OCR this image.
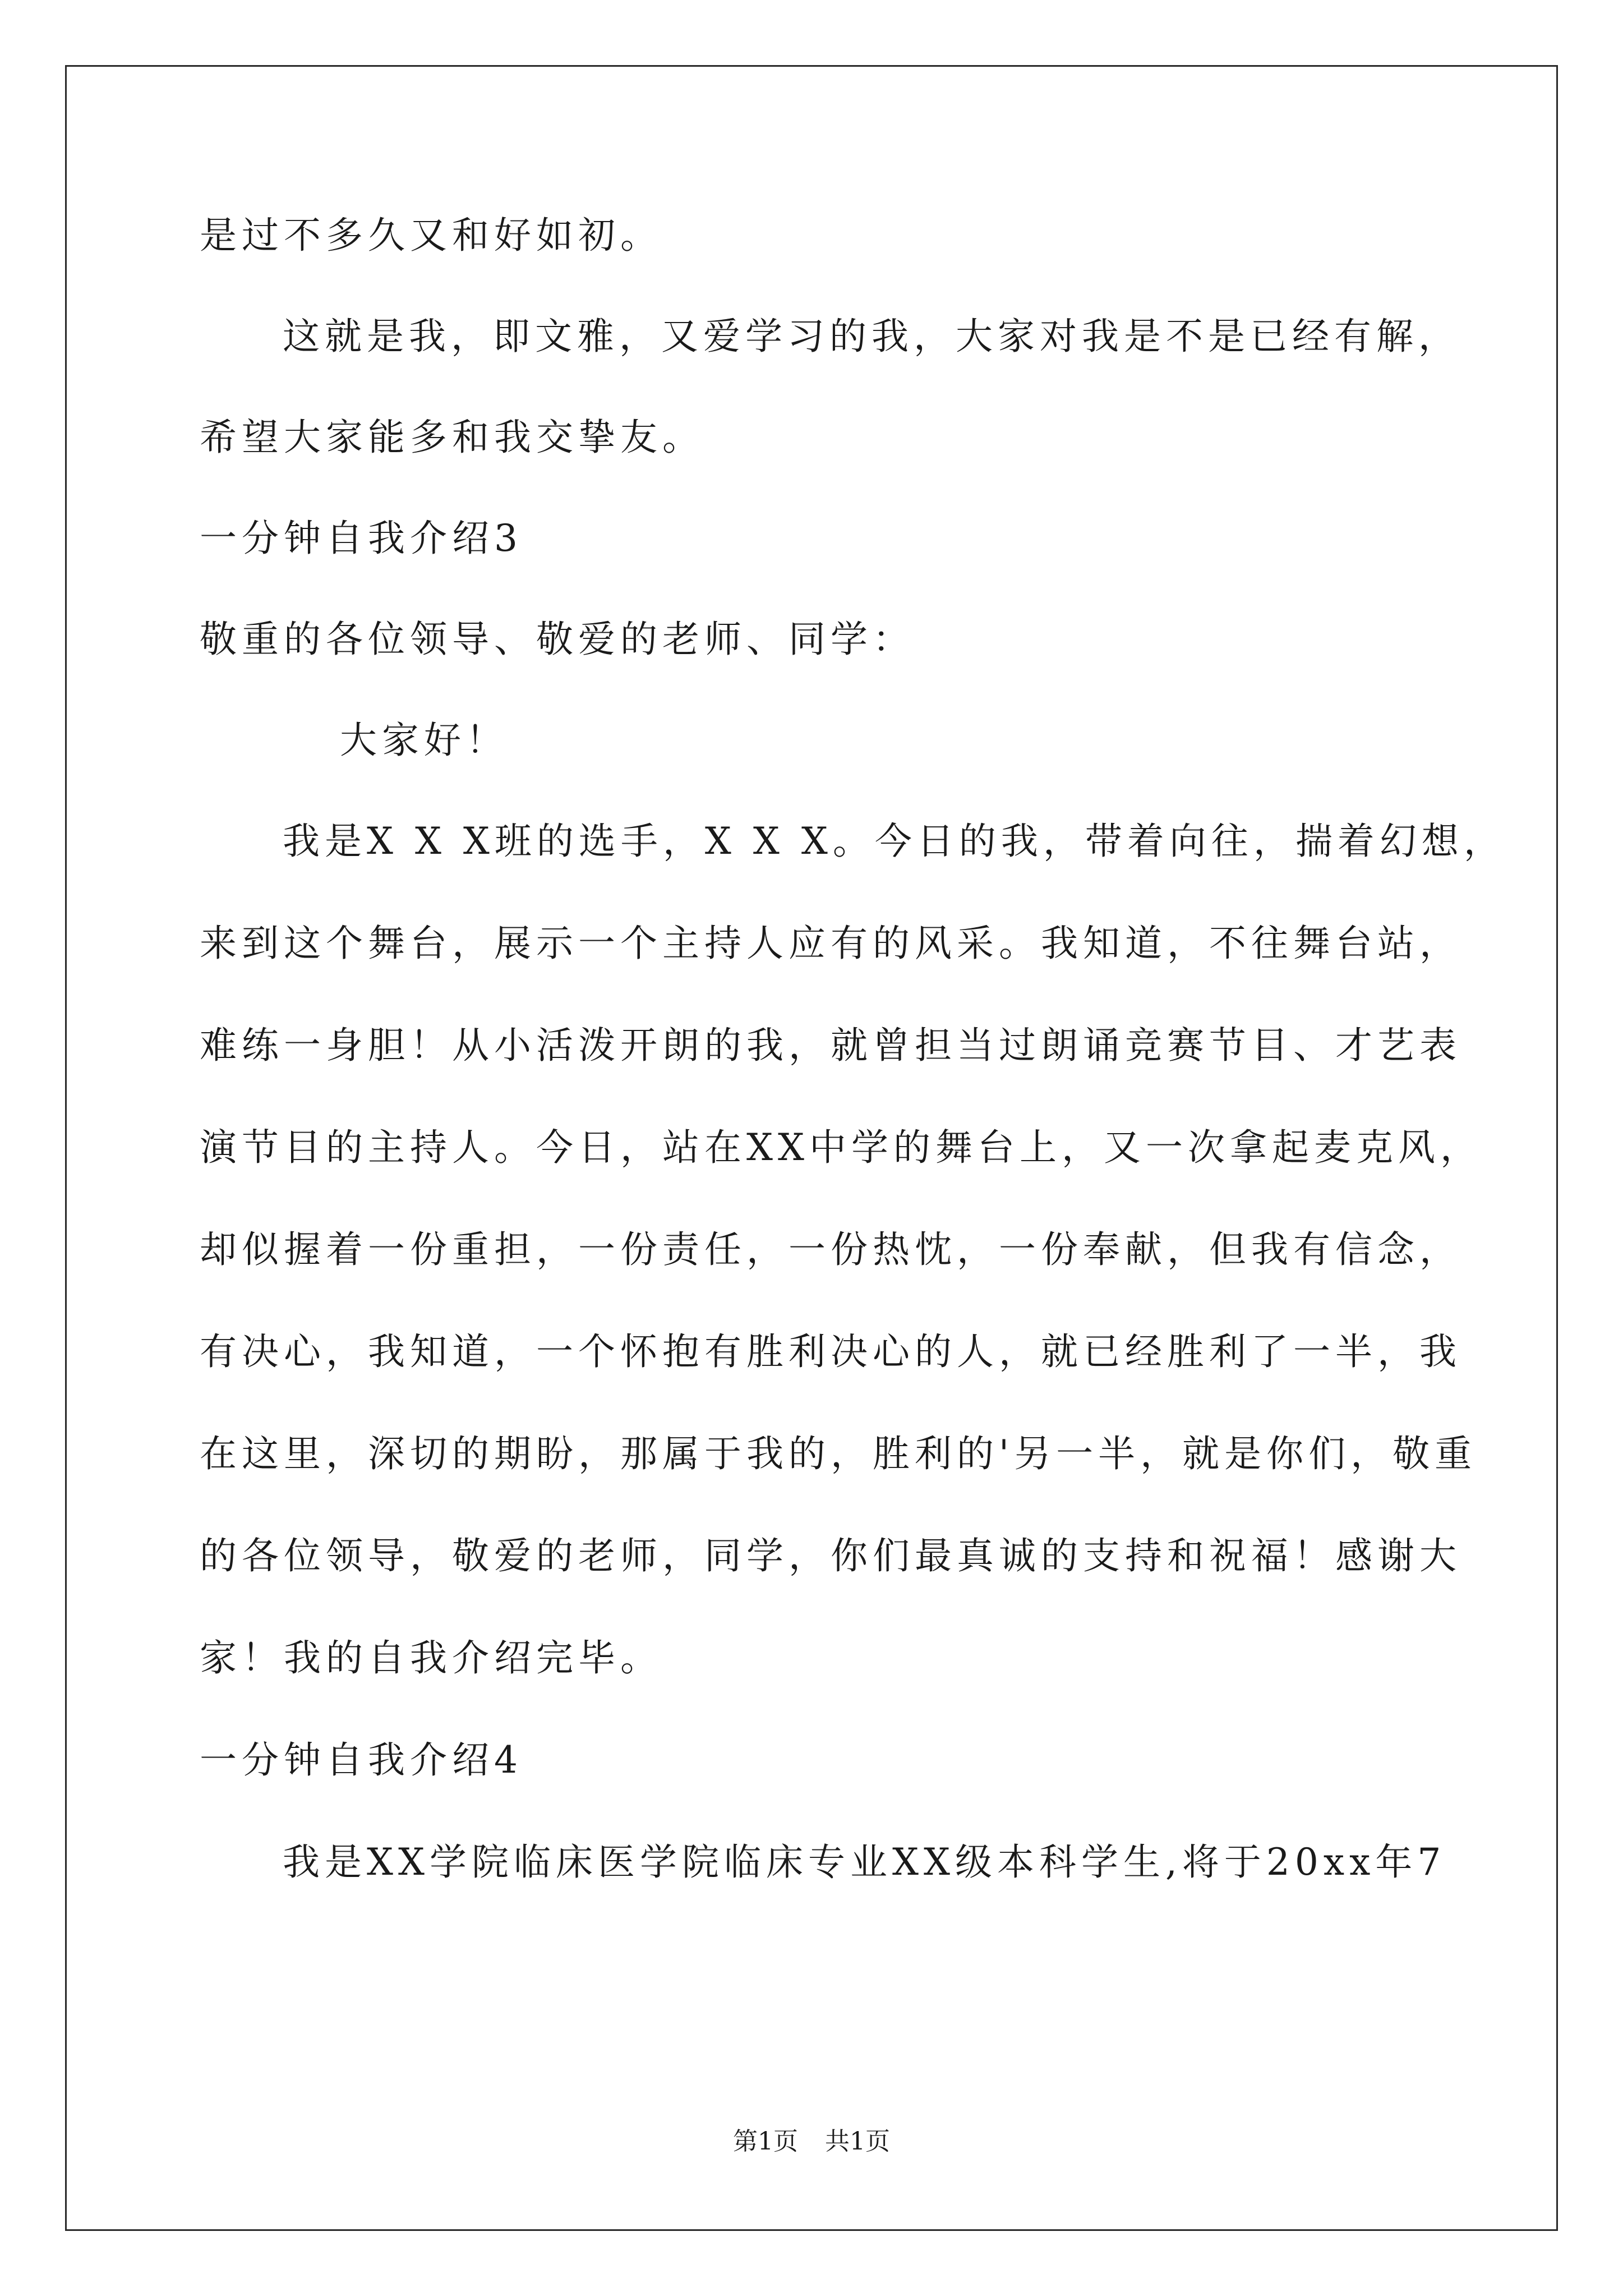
是过不多久又和好如初。
这就是我，即文雅，又爱学习的我，大家对我是不是已经有解，
希望大家能多和我交挚友。
一分钟自我介绍3
敬重的各位领导、敬爱的老师、同学：
大家好！
我是X X X班的选手，X X X。今日的我，带着向往，揣着幻想，
来到这个舞台，展示一个主持人应有的风采。我知道，不往舞台站，
难练一身胆！从小活泼开朗的我，就曾担当过朗诵竞赛节目、才艺表
演节目的主持人。今日，站在XX中学的舞台上，又一次拿起麦克风，
却似握着一份重担，一份责任，一份热忱，一份奉献，但我有信念，
有决心，我知道，一个怀抱有胜利决心的人，就已经胜利了一半，我
在这里，深切的期盼，那属于我的，胜利的'另一半，就是你们，敬重
的各位领导，敬爱的老师，同学，你们最真诚的支持和祝福！感谢大
家！我的自我介绍完毕。
一分钟自我介绍4
我是XX学院临床医学院临床专业XX级本科学生,将于20xx年7
第1页 共1页
